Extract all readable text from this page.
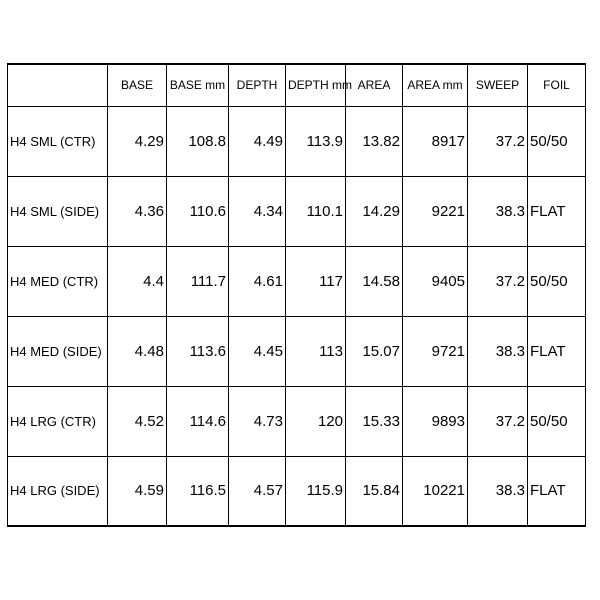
	BASE	BASE mm	DEPTH	DEPTH mm	AREA	AREA mm	SWEEP	FOIL
H4 SML (CTR)	4.29	108.8	4.49	113.9	13.82	8917	37.2	50/50
H4 SML (SIDE)	4.36	110.6	4.34	110.1	14.29	9221	38.3	FLAT
H4 MED (CTR)	4.4	111.7	4.61	117	14.58	9405	37.2	50/50
H4 MED (SIDE)	4.48	113.6	4.45	113	15.07	9721	38.3	FLAT
H4 LRG (CTR)	4.52	114.6	4.73	120	15.33	9893	37.2	50/50
H4 LRG (SIDE)	4.59	116.5	4.57	115.9	15.84	10221	38.3	FLAT
